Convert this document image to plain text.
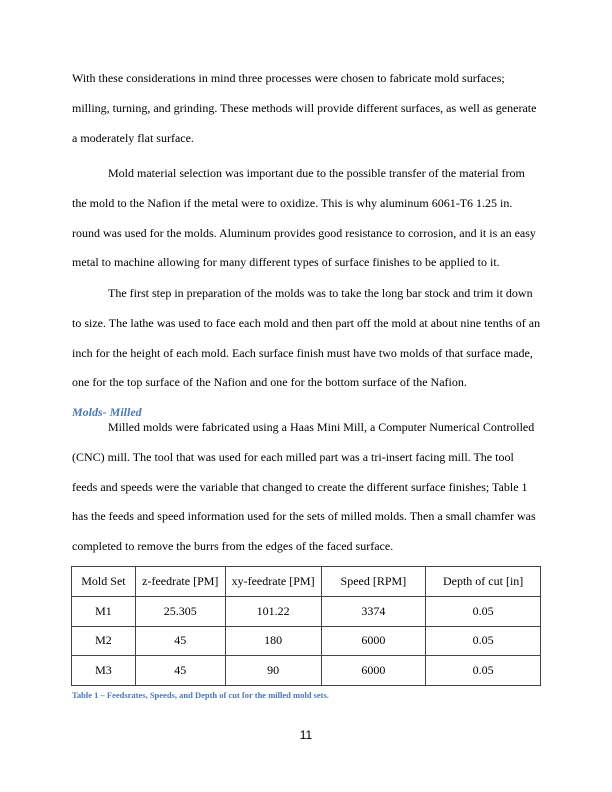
With these considerations in mind three processes were chosen to fabricate mold surfaces; milling, turning, and grinding. These methods will provide different surfaces, as well as generate a moderately flat surface.

Mold material selection was important due to the possible transfer of the material from the mold to the Nafion if the metal were to oxidize. This is why aluminum 6061-T6 1.25 in. round was used for the molds. Aluminum provides good resistance to corrosion, and it is an easy metal to machine allowing for many different types of surface finishes to be applied to it.

The first step in preparation of the molds was to take the long bar stock and trim it down to size. The lathe was used to face each mold and then part off the mold at about nine tenths of an inch for the height of each mold. Each surface finish must have two molds of that surface made, one for the top surface of the Nafion and one for the bottom surface of the Nafion.

Molds- Milled

Milled molds were fabricated using a Haas Mini Mill, a Computer Numerical Controlled (CNC) mill. The tool that was used for each milled part was a tri-insert facing mill. The tool feeds and speeds were the variable that changed to create the different surface finishes; Table 1 has the feeds and speed information used for the sets of milled molds. Then a small chamfer was completed to remove the burrs from the edges of the faced surface.

Mold Set	z-feedrate [PM]	xy-feedrate [PM]	Speed [RPM]	Depth of cut [in]
M1	25.305	101.22	3374	0.05
M2	45	180	6000	0.05
M3	45	90	6000	0.05

Table 1 – Feedsrates, Speeds, and Depth of cut for the milled mold sets.

11
